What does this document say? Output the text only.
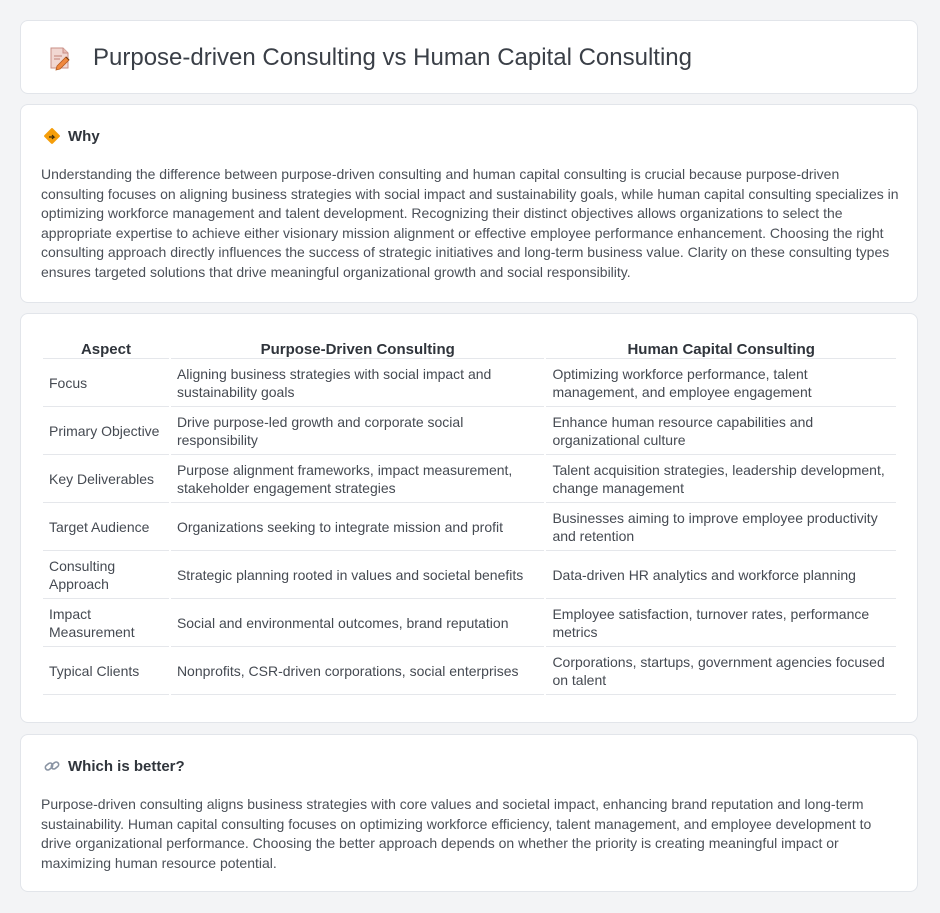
Purpose-driven Consulting vs Human Capital Consulting
Why
Understanding the difference between purpose-driven consulting and human capital consulting is crucial because purpose-driven consulting focuses on aligning business strategies with social impact and sustainability goals, while human capital consulting specializes in optimizing workforce management and talent development. Recognizing their distinct objectives allows organizations to select the appropriate expertise to achieve either visionary mission alignment or effective employee performance enhancement. Choosing the right consulting approach directly influences the success of strategic initiatives and long-term business value. Clarity on these consulting types ensures targeted solutions that drive meaningful organizational growth and social responsibility.
Aspect	Purpose-Driven Consulting	Human Capital Consulting
Focus	Aligning business strategies with social impact and sustainability goals	Optimizing workforce performance, talent management, and employee engagement
Primary Objective	Drive purpose-led growth and corporate social responsibility	Enhance human resource capabilities and organizational culture
Key Deliverables	Purpose alignment frameworks, impact measurement, stakeholder engagement strategies	Talent acquisition strategies, leadership development, change management
Target Audience	Organizations seeking to integrate mission and profit	Businesses aiming to improve employee productivity and retention
Consulting Approach	Strategic planning rooted in values and societal benefits	Data-driven HR analytics and workforce planning
Impact Measurement	Social and environmental outcomes, brand reputation	Employee satisfaction, turnover rates, performance metrics
Typical Clients	Nonprofits, CSR-driven corporations, social enterprises	Corporations, startups, government agencies focused on talent
Which is better?
Purpose-driven consulting aligns business strategies with core values and societal impact, enhancing brand reputation and long-term sustainability. Human capital consulting focuses on optimizing workforce efficiency, talent management, and employee development to drive organizational performance. Choosing the better approach depends on whether the priority is creating meaningful impact or maximizing human resource potential.
